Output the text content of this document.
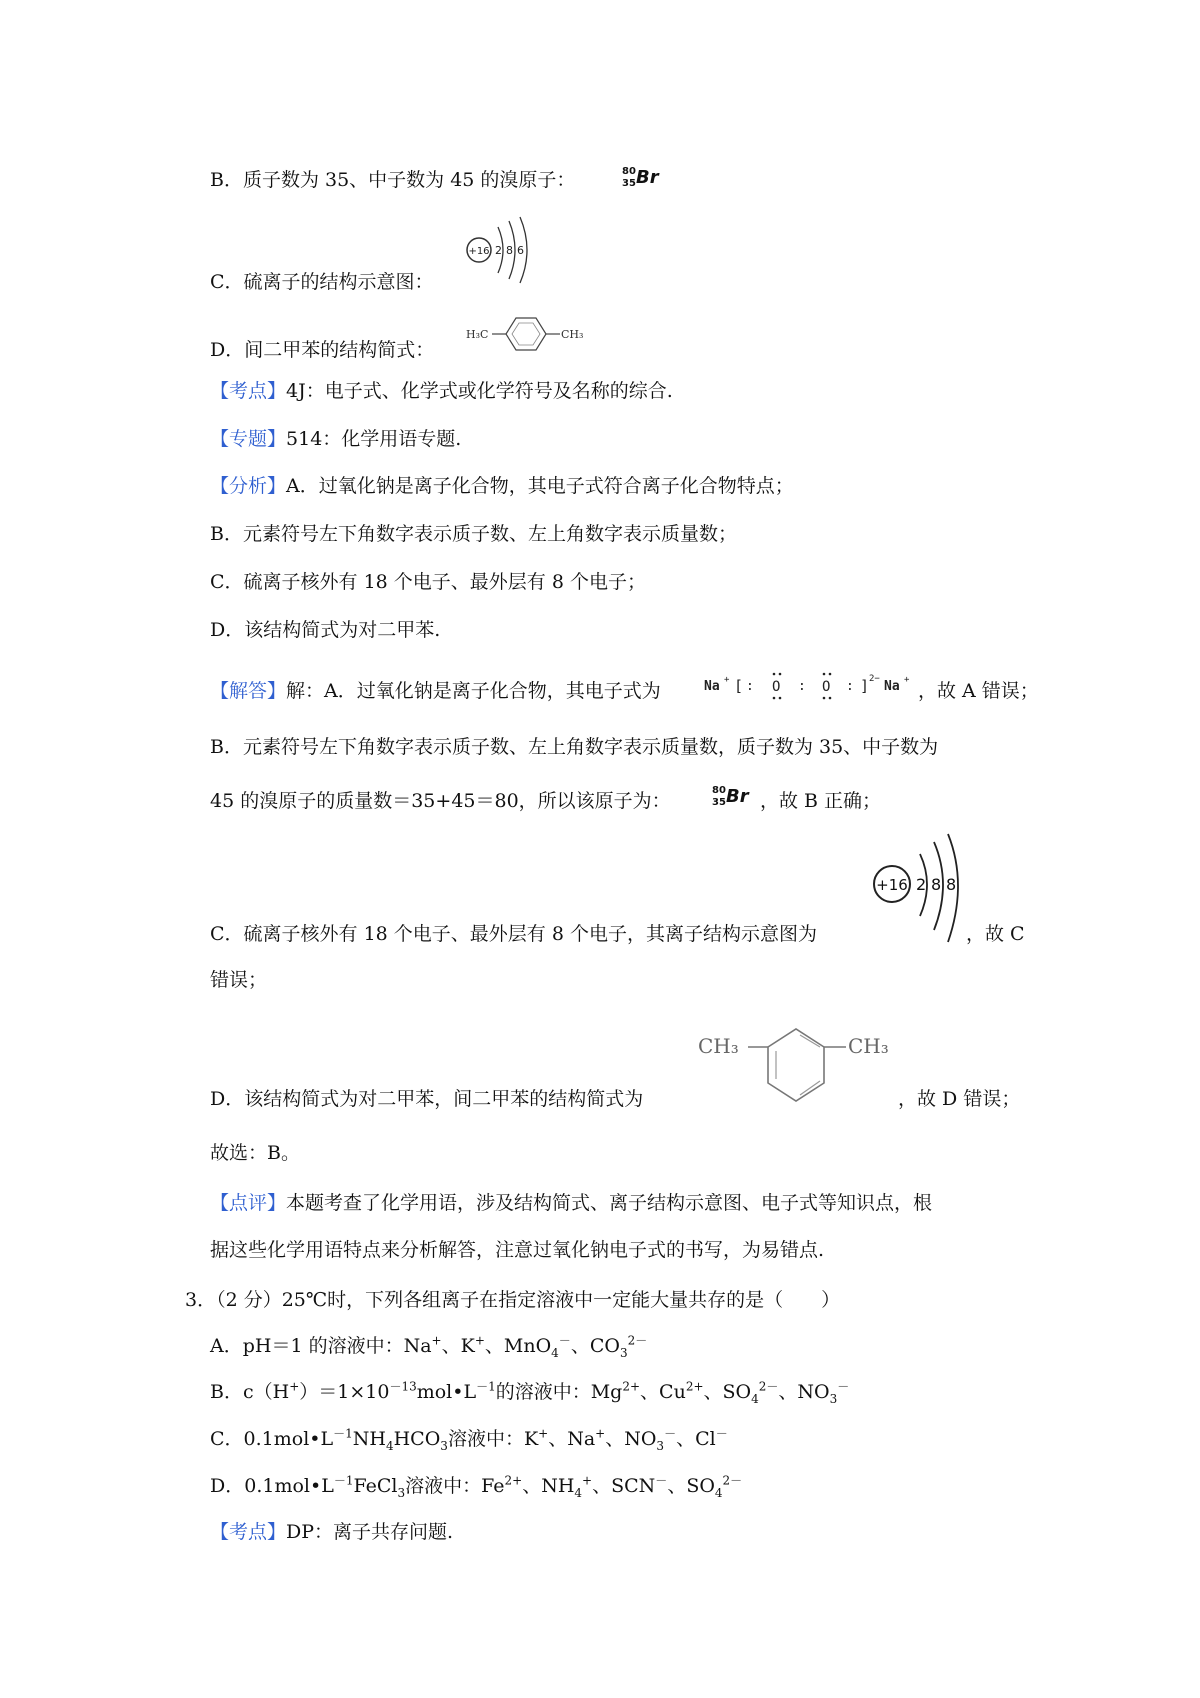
B．质子数为 35、中子数为 45 的溴原子：	80
35 Br
C．硫离子的结构示意图：
+16 2 8 6
D．间二甲苯的结构简式：
H₃C	CH₃
【考点】4J：电子式、化学式或化学符号及名称的综合.
【专题】514：化学用语专题.
【分析】A．过氧化钠是离子化合物，其电子式符合离子化合物特点；
B．元素符号左下角数字表示质子数、左上角数字表示质量数；
C．硫离子核外有 18 个电子、最外层有 8 个电子；
D．该结构简式为对二甲苯.
【解答】解：A．过氧化钠是离子化合物，其电子式为	Na + [ : O : O : ] 2− Na + ，故 A 错误；
B．元素符号左下角数字表示质子数、左上角数字表示质量数，质子数为 35、中子数为
45 的溴原子的质量数＝35+45＝80，所以该原子为：	80
35 Br ，故 B 正确；
+16 2 8 8
C．硫离子核外有 18 个电子、最外层有 8 个电子，其离子结构示意图为	，故 C
错误；
CH₃	CH₃
D．该结构简式为对二甲苯，间二甲苯的结构简式为	，故 D 错误；
故选：B。
【点评】本题考查了化学用语，涉及结构简式、离子结构示意图、电子式等知识点，根
据这些化学用语特点来分析解答，注意过氧化钠电子式的书写，为易错点.
3．（2 分）25℃时，下列各组离子在指定溶液中一定能大量共存的是（　　）
A．pH＝1 的溶液中：Na+、K+、MnO$_4$－、$CO_3^{2-}$
B．$c(H^+)=1\times 10^{-13}mol•L^{-1}$的溶液中：$Mg^{2+}$、$Cu^{2+}$、$SO_4^{2-}$、$NO_3^-$
C．$0.1mol•L^{-1}NH_4HCO_3$溶液中：K+、Na+、$NO_3^-$、Cl－
D．$0.1mol•L^{-1}FeCl_3$溶液中：$Fe^{2+}$、$NH_4^+$、SCN－、$SO_4^{2-}$
【考点】DP：离子共存问题.
